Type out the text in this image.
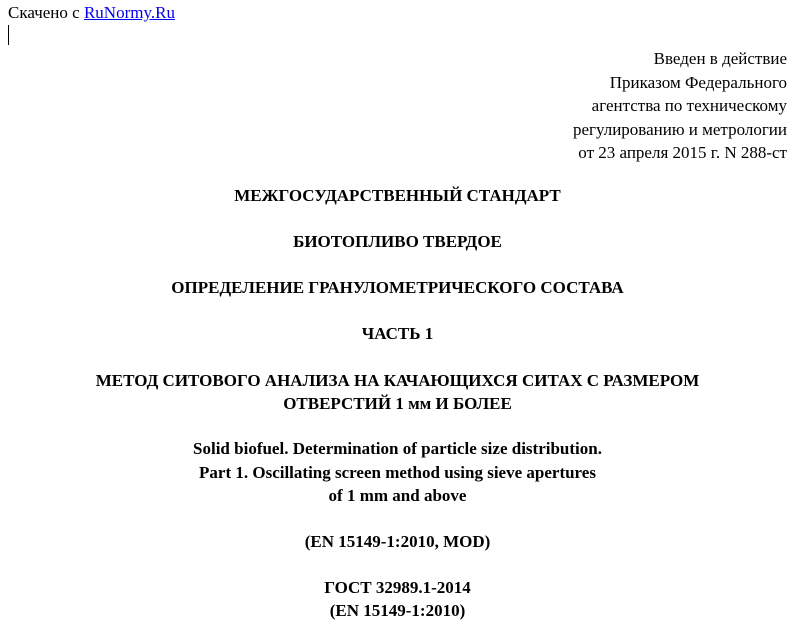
Скачено с RuNormy.Ru
Введен в действие
Приказом Федерального
агентства по техническому
регулированию и метрологии
от 23 апреля 2015 г. N 288-ст
МЕЖГОСУДАРСТВЕННЫЙ СТАНДАРТ
БИОТОПЛИВО ТВЕРДОЕ
ОПРЕДЕЛЕНИЕ ГРАНУЛОМЕТРИЧЕСКОГО СОСТАВА
ЧАСТЬ 1
МЕТОД СИТОВОГО АНАЛИЗА НА КАЧАЮЩИХСЯ СИТАХ С РАЗМЕРОМ
ОТВЕРСТИЙ 1 мм И БОЛЕЕ
Solid biofuel. Determination of particle size distribution.
Part 1. Oscillating screen method using sieve apertures
of 1 mm and above
(EN 15149-1:2010, MOD)
ГОСТ 32989.1-2014
(EN 15149-1:2010)
